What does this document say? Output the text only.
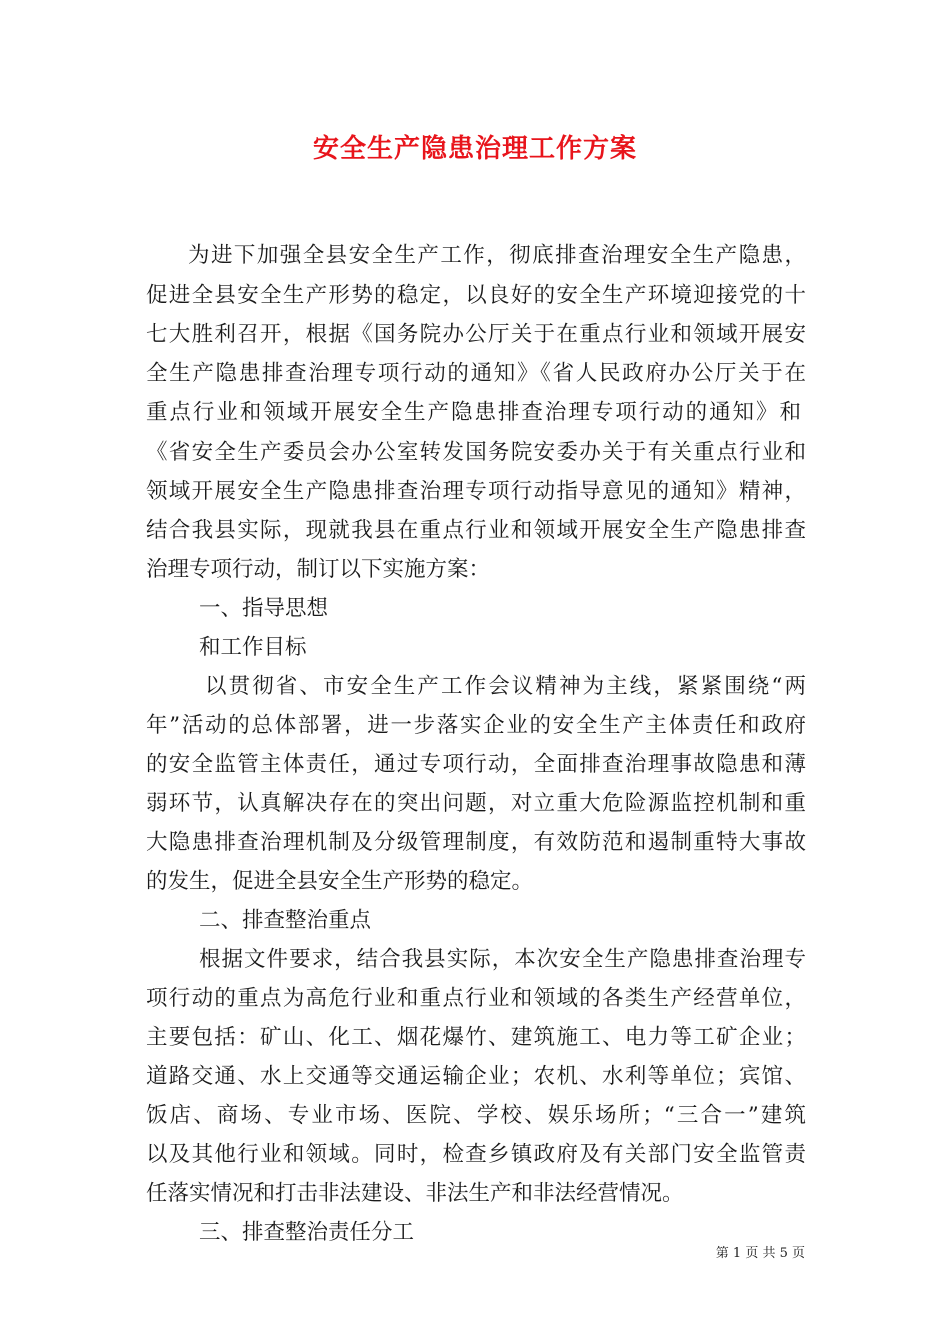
安全生产隐患治理工作方案
为进下加强全县安全生产工作，彻底排查治理安全生产隐患，
促进全县安全生产形势的稳定，以良好的安全生产环境迎接党的十
七大胜利召开，根据《国务院办公厅关于在重点行业和领域开展安
全生产隐患排查治理专项行动的通知》《省人民政府办公厅关于在
重点行业和领域开展安全生产隐患排查治理专项行动的通知》和
《省安全生产委员会办公室转发国务院安委办关于有关重点行业和
领域开展安全生产隐患排查治理专项行动指导意见的通知》精神，
结合我县实际，现就我县在重点行业和领域开展安全生产隐患排查
治理专项行动，制订以下实施方案：
一、指导思想
和工作目标
以贯彻省、市安全生产工作会议精神为主线，紧紧围绕“两
年”活动的总体部署，进一步落实企业的安全生产主体责任和政府
的安全监管主体责任，通过专项行动，全面排查治理事故隐患和薄
弱环节，认真解决存在的突出问题，对立重大危险源监控机制和重
大隐患排查治理机制及分级管理制度，有效防范和遏制重特大事故
的发生，促进全县安全生产形势的稳定。
二、排查整治重点
根据文件要求，结合我县实际，本次安全生产隐患排查治理专
项行动的重点为高危行业和重点行业和领域的各类生产经营单位，
主要包括：矿山、化工、烟花爆竹、建筑施工、电力等工矿企业；
道路交通、水上交通等交通运输企业；农机、水利等单位；宾馆、
饭店、商场、专业市场、医院、学校、娱乐场所；“三合一”建筑
以及其他行业和领域。同时，检查乡镇政府及有关部门安全监管责
任落实情况和打击非法建设、非法生产和非法经营情况。
三、排查整治责任分工
第 1 页 共 5 页
